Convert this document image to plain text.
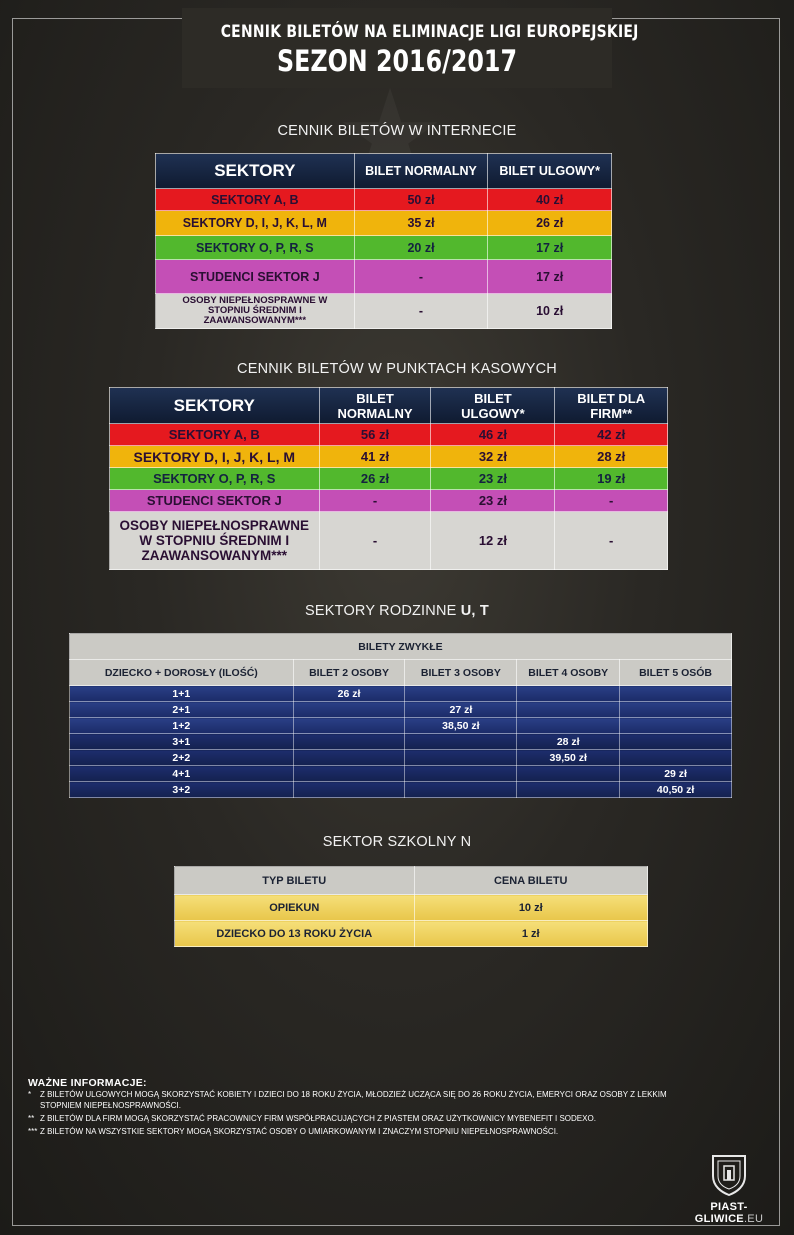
CENNIK BILETÓW NA ELIMINACJE LIGI EUROPEJSKIEJ
SEZON 2016/2017
CENNIK BILETÓW W INTERNECIE
SEKTORY	BILET NORMALNY	BILET ULGOWY*
SEKTORY A, B	50 zł	40 zł
SEKTORY D, I, J, K, L, M	35 zł	26 zł
SEKTORY O, P, R, S	20 zł	17 zł
STUDENCI SEKTOR J	-	17 zł
OSOBY NIEPEŁNOSPRAWNE W STOPNIU ŚREDNIM I ZAAWANSOWANYM***	-	10 zł
CENNIK BILETÓW W PUNKTACH KASOWYCH
SEKTORY	BILET NORMALNY	BILET ULGOWY*	BILET DLA FIRM**
SEKTORY A, B	56 zł	46 zł	42 zł
SEKTORY D, I, J, K, L, M	41 zł	32 zł	28 zł
SEKTORY O, P, R, S	26 zł	23 zł	19 zł
STUDENCI SEKTOR J	-	23 zł	-
OSOBY NIEPEŁNOSPRAWNE W STOPNIU ŚREDNIM I ZAAWANSOWANYM***	-	12 zł	-
SEKTORY RODZINNE U, T
BILETY ZWYKŁE				
DZIECKO + DOROSŁY (ILOŚĆ)	BILET 2 OSOBY	BILET 3 OSOBY	BILET 4 OSOBY	BILET 5 OSÓB
1+1	26 zł			
2+1		27 zł		
1+2		38,50 zł		
3+1			28 zł	
2+2			39,50 zł	
4+1				29 zł
3+2				40,50 zł
SEKTOR SZKOLNY N
TYP BILETU	CENA BILETU
OPIEKUN	10 zł
DZIECKO DO 13 ROKU ŻYCIA	1 zł
WAŻNE INFORMACJE:
*	Z BILETÓW ULGOWYCH MOGĄ SKORZYSTAĆ KOBIETY I DZIECI DO 18 ROKU ŻYCIA, MŁODZIEŻ UCZĄCA SIĘ DO 26 ROKU ŻYCIA, EMERYCI ORAZ OSOBY Z LEKKIM STOPNIEM NIEPEŁNOSPRAWNOŚCI.
** Z BILETÓW DLA FIRM MOGĄ SKORZYSTAĆ PRACOWNICY FIRM WSPÓŁPRACUJĄCYCH Z PIASTEM ORAZ UŻYTKOWNICY MYBENEFIT I SODEXO.
*** Z BILETÓW NA WSZYSTKIE SEKTORY MOGĄ SKORZYSTAĆ OSOBY O UMIARKOWANYM I ZNACZYM STOPNIU NIEPEŁNOSPRAWNOŚCI.
PIAST-GLIWICE.EU
